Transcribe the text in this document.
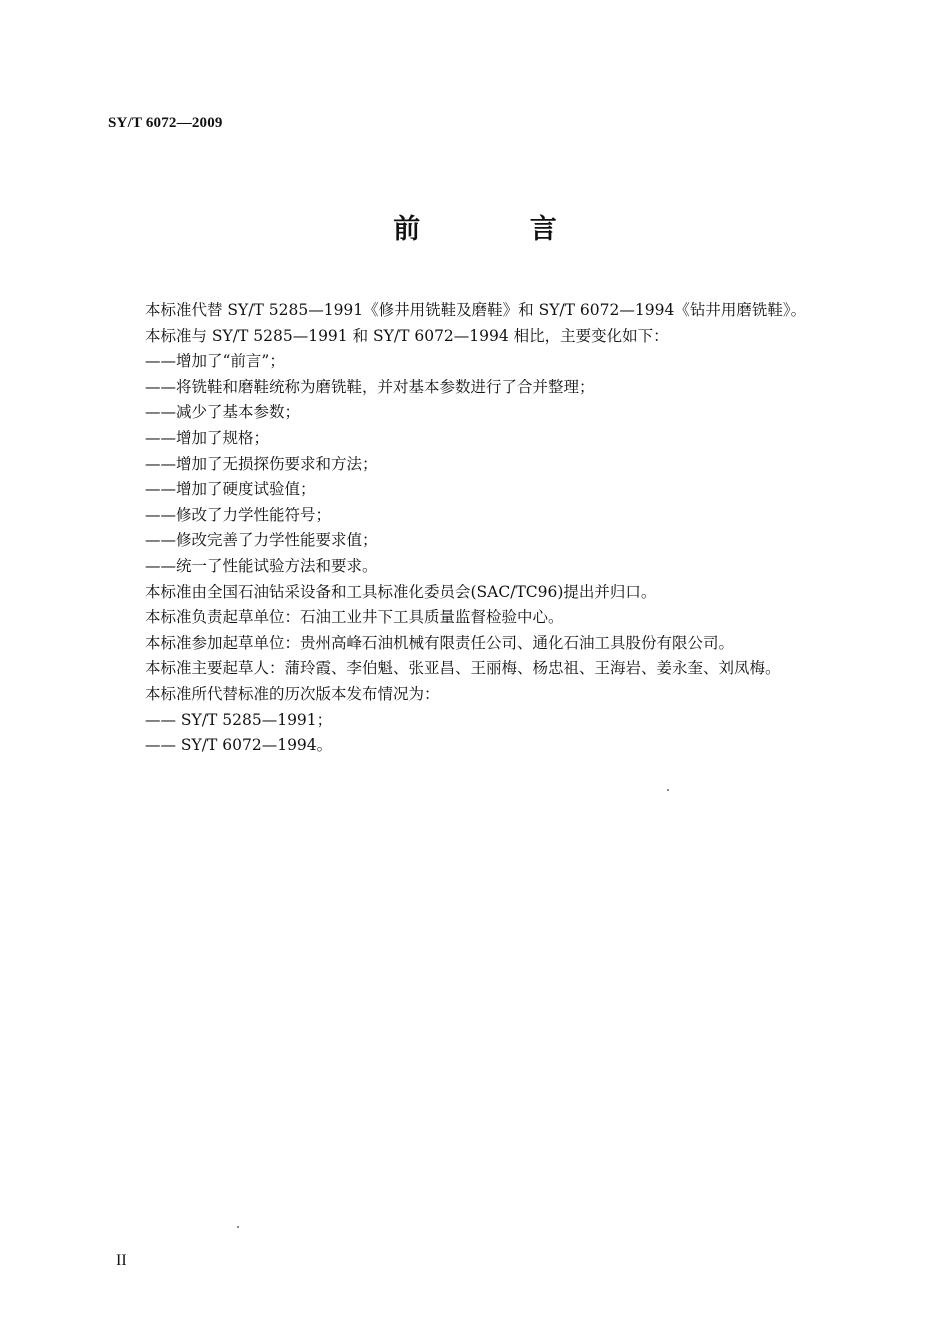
SY/T 6072—2009
前 言
本标准代替 SY/T 5285—1991《修井用铣鞋及磨鞋》和 SY/T 6072—1994《钻井用磨铣鞋》。
本标准与 SY/T 5285—1991 和 SY/T 6072—1994 相比，主要变化如下：
——增加了“前言”；
——将铣鞋和磨鞋统称为磨铣鞋，并对基本参数进行了合并整理；
——减少了基本参数；
——增加了规格；
——增加了无损探伤要求和方法；
——增加了硬度试验值；
——修改了力学性能符号；
——修改完善了力学性能要求值；
——统一了性能试验方法和要求。
本标准由全国石油钻采设备和工具标准化委员会(SAC/TC96)提出并归口。
本标准负责起草单位：石油工业井下工具质量监督检验中心。
本标准参加起草单位：贵州高峰石油机械有限责任公司、通化石油工具股份有限公司。
本标准主要起草人：蒲玲霞、李伯魁、张亚昌、王丽梅、杨忠祖、王海岩、姜永奎、刘凤梅。
本标准所代替标准的历次版本发布情况为：
—— SY/T 5285—1991；
—— SY/T 6072—1994。
II
